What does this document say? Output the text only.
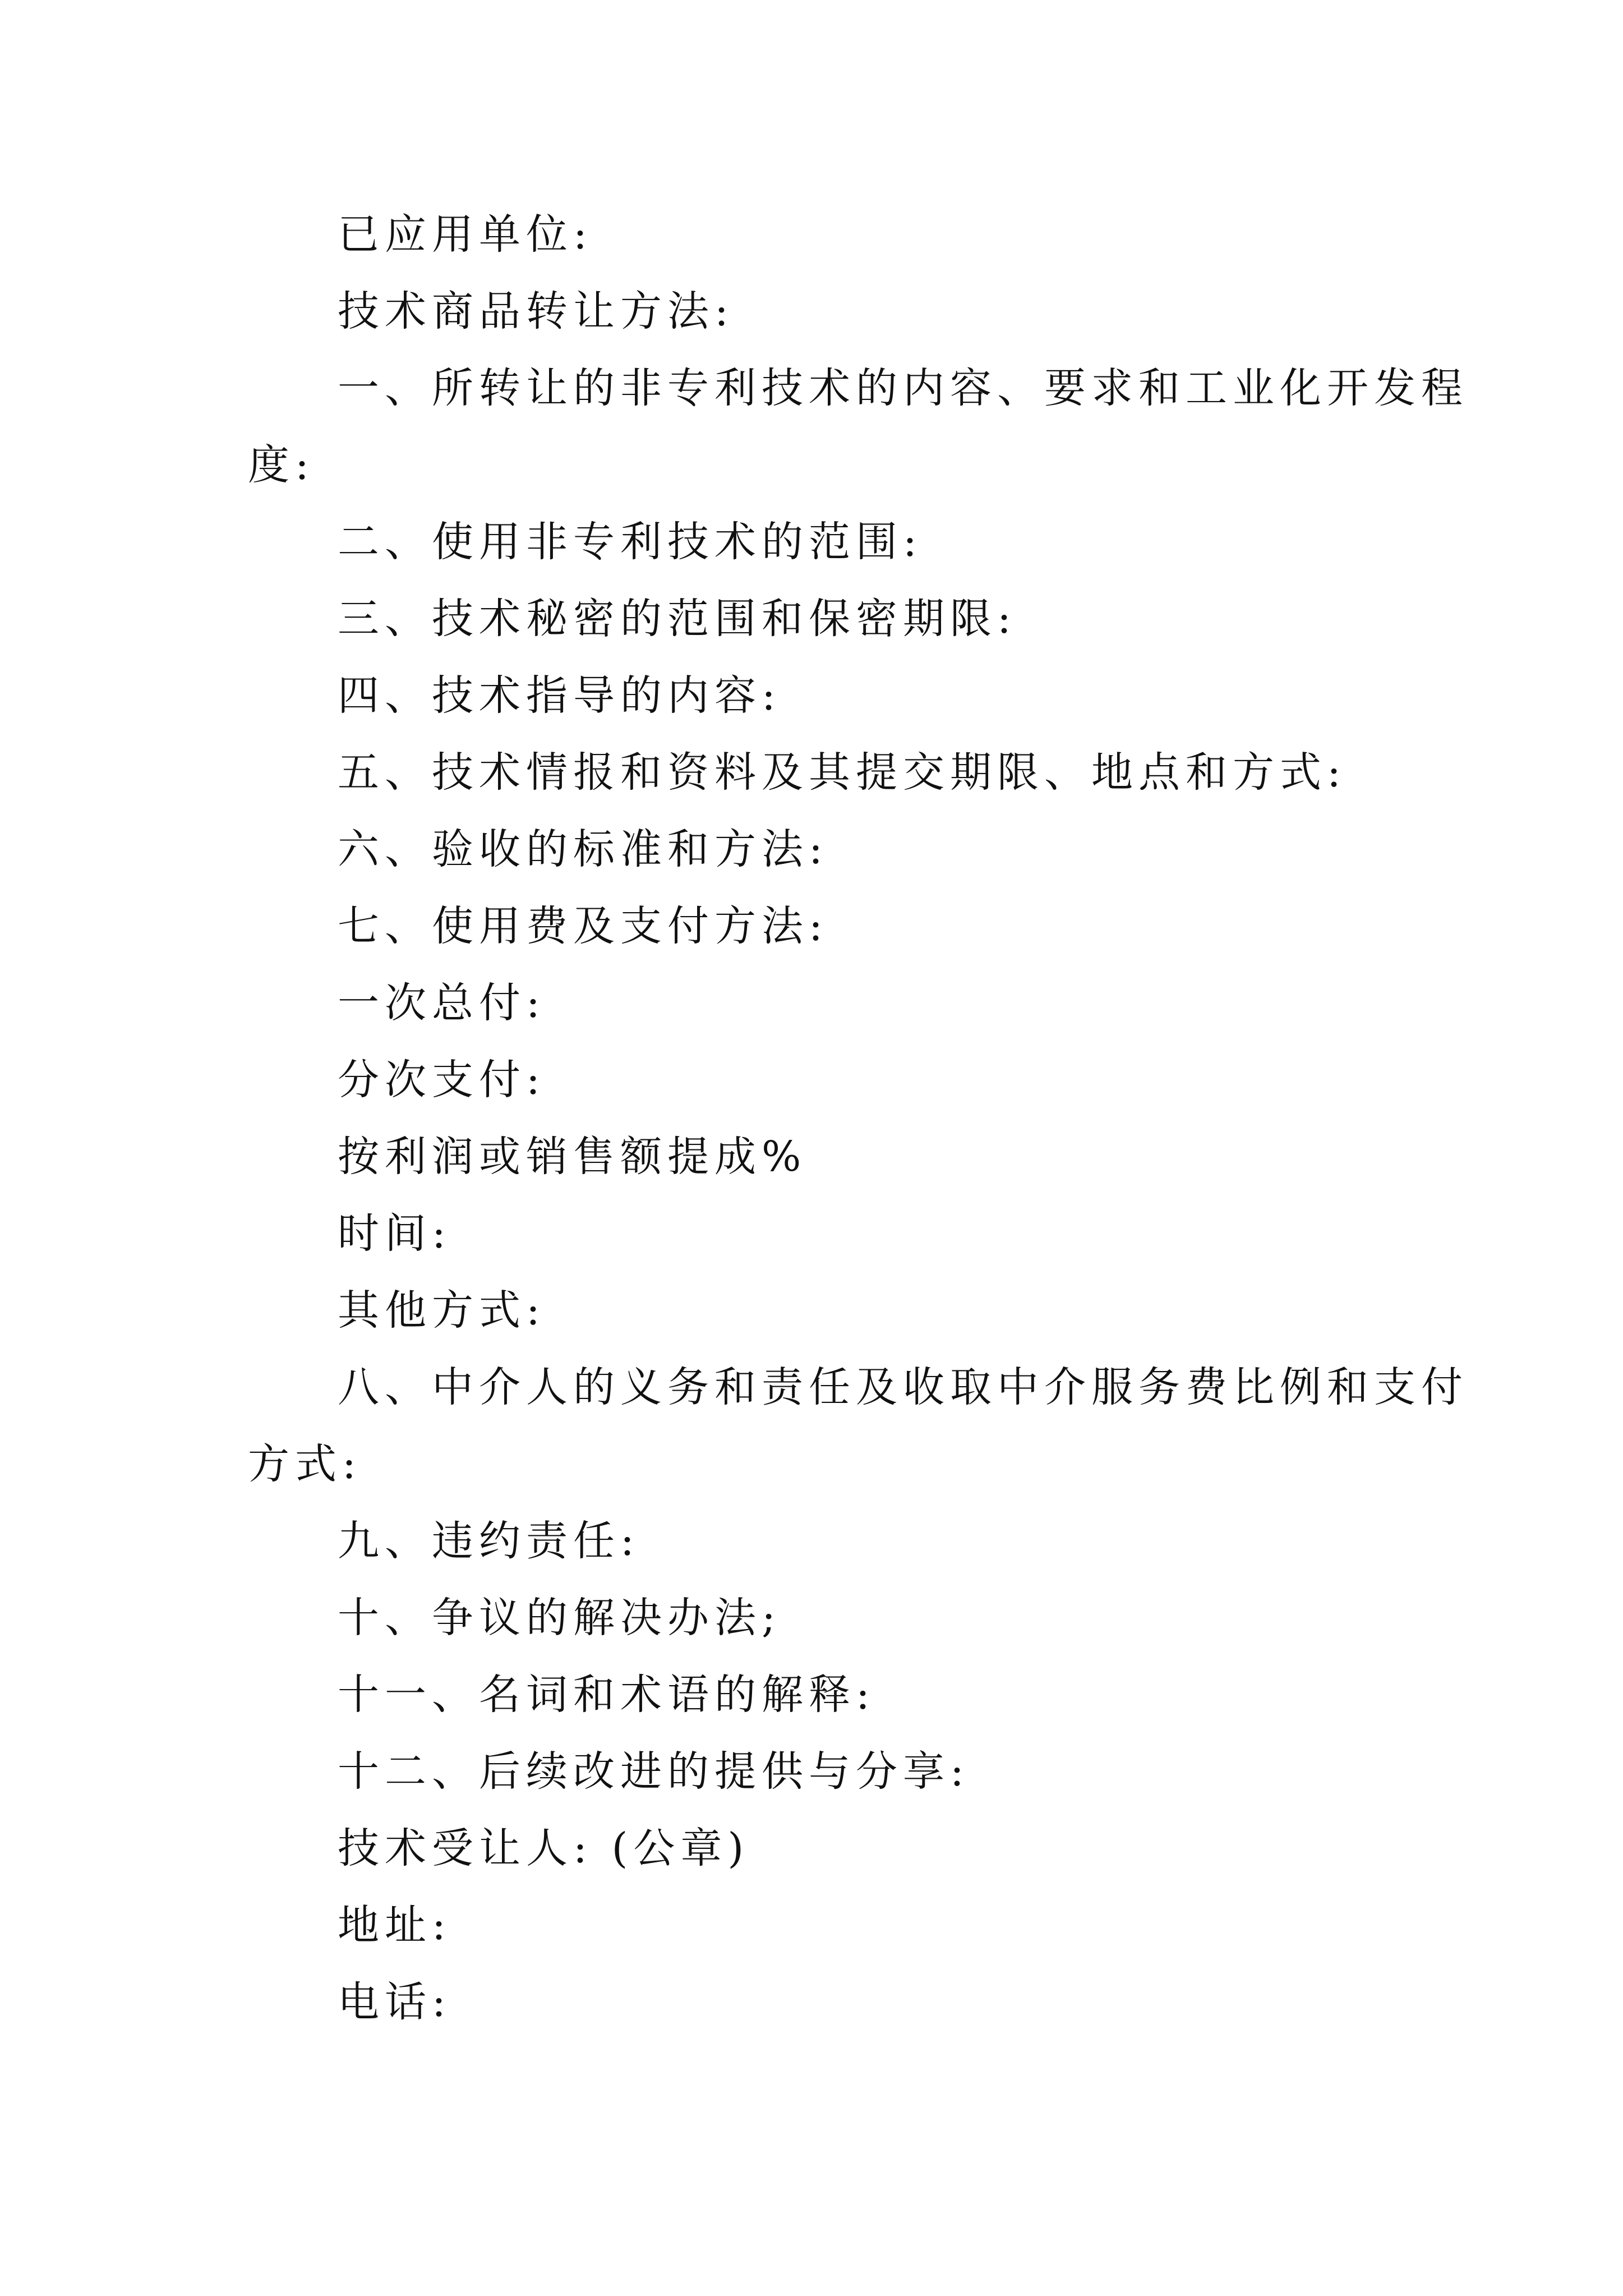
已应用单位:

技术商品转让方法:

一、所转让的非专利技术的内容、要求和工业化开发程

度:

二、使用非专利技术的范围:

三、技术秘密的范围和保密期限:

四、技术指导的内容:

五、技术情报和资料及其提交期限、地点和方式:

六、验收的标准和方法:

七、使用费及支付方法:

一次总付:

分次支付:

按利润或销售额提成%

时间:

其他方式:

八、中介人的义务和责任及收取中介服务费比例和支付

方式:

九、违约责任:

十、争议的解决办法;

十一、名词和术语的解释:

十二、后续改进的提供与分享:

技术受让人: (公章)

地址:

电话:
